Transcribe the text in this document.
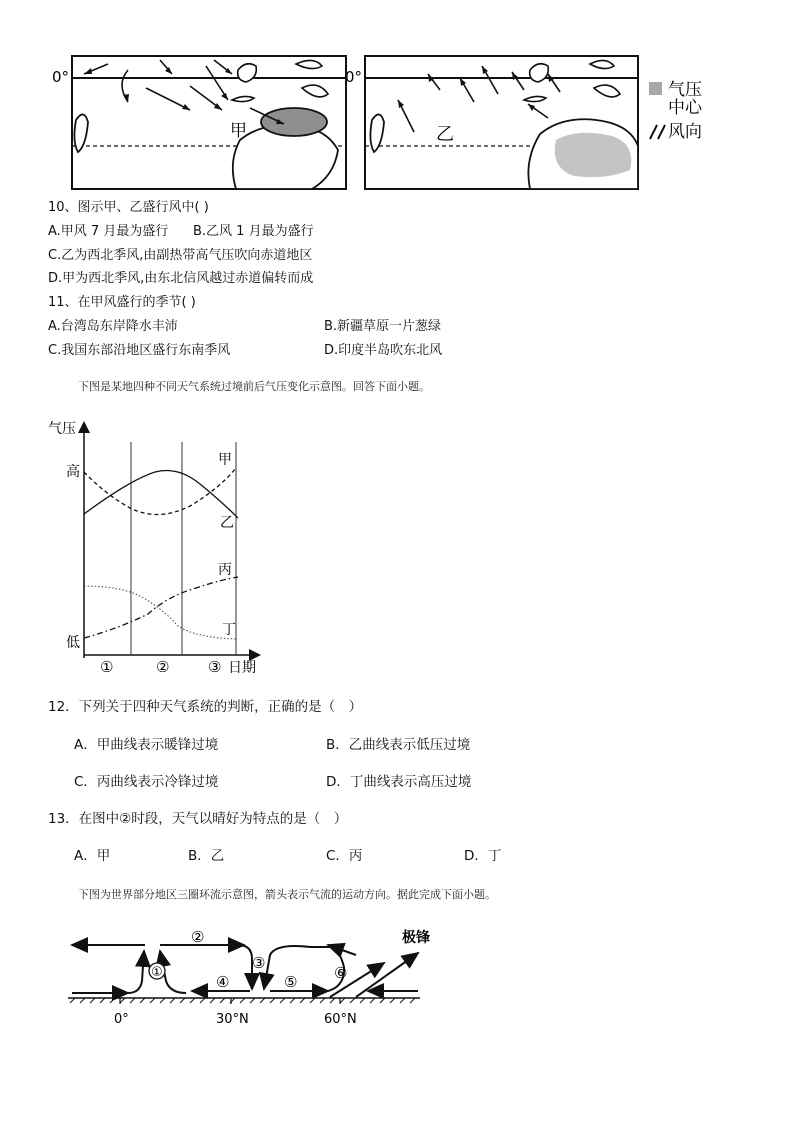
0°	0°
甲	乙
气压
中心
风向
10、图示甲、乙盛行风中( )
A.甲风 7 月最为盛行 B.乙风 1 月最为盛行
C.乙为西北季风,由副热带高气压吹向赤道地区
D.甲为西北季风,由东北信风越过赤道偏转而成
11、在甲风盛行的季节( )
A.台湾岛东岸降水丰沛	B.新疆草原一片葱绿
C.我国东部沿地区盛行东南季风	D.印度半岛吹东北风
下图是某地四种不同天气系统过境前后气压变化示意图。回答下面小题。
气压
高
低
甲
乙
丙
丁
①	②	③ 日期
12．下列关于四种天气系统的判断，正确的是（　）
A．甲曲线表示暖锋过境	B．乙曲线表示低压过境
C．丙曲线表示冷锋过境	D．丁曲线表示高压过境
13．在图中②时段，天气以晴好为特点的是（　）
A．甲	B．乙	C．丙	D．丁
下图为世界部分地区三圈环流示意图，箭头表示气流的运动方向。据此完成下面小题。
①
②
③
④	⑤ ⑥
极锋
0°	30°N	60°N
